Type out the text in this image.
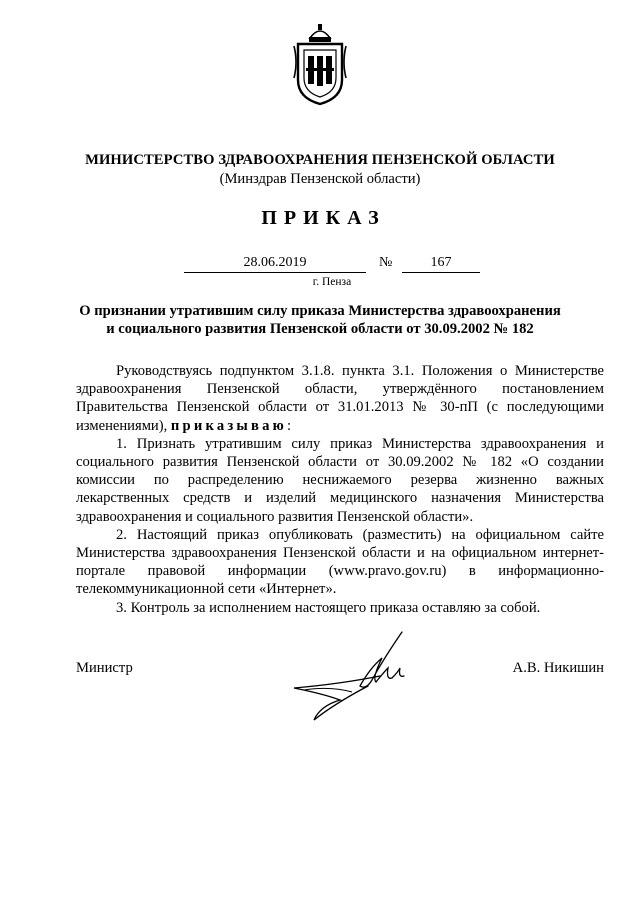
МИНИСТЕРСТВО ЗДРАВООХРАНЕНИЯ ПЕНЗЕНСКОЙ ОБЛАСТИ
(Минздрав Пензенской области)
ПРИКАЗ
28.06.2019	№	167
г. Пенза
О признании утратившим силу приказа Министерства здравоохранения
и социального развития Пензенской области от 30.09.2002 № 182

Руководствуясь подпунктом 3.1.8. пункта 3.1. Положения о Министерстве здравоохранения Пензенской области, утверждённого постановлением Правительства Пензенской области от 31.01.2013 № 30-пП (с последующими изменениями), приказываю:

1. Признать утратившим силу приказ Министерства здравоохранения и социального развития Пензенской области от 30.09.2002 № 182 «О создании комиссии по распределению неснижаемого резерва жизненно важных лекарственных средств и изделий медицинского назначения Министерства здравоохранения и социального развития Пензенской области».

2. Настоящий приказ опубликовать (разместить) на официальном сайте Министерства здравоохранения Пензенской области и на официальном интернет-портале правовой информации (www.pravo.gov.ru) в информационно-телекоммуникационной сети «Интернет».

3. Контроль за исполнением настоящего приказа оставляю за собой.

Министр	А.В. Никишин
